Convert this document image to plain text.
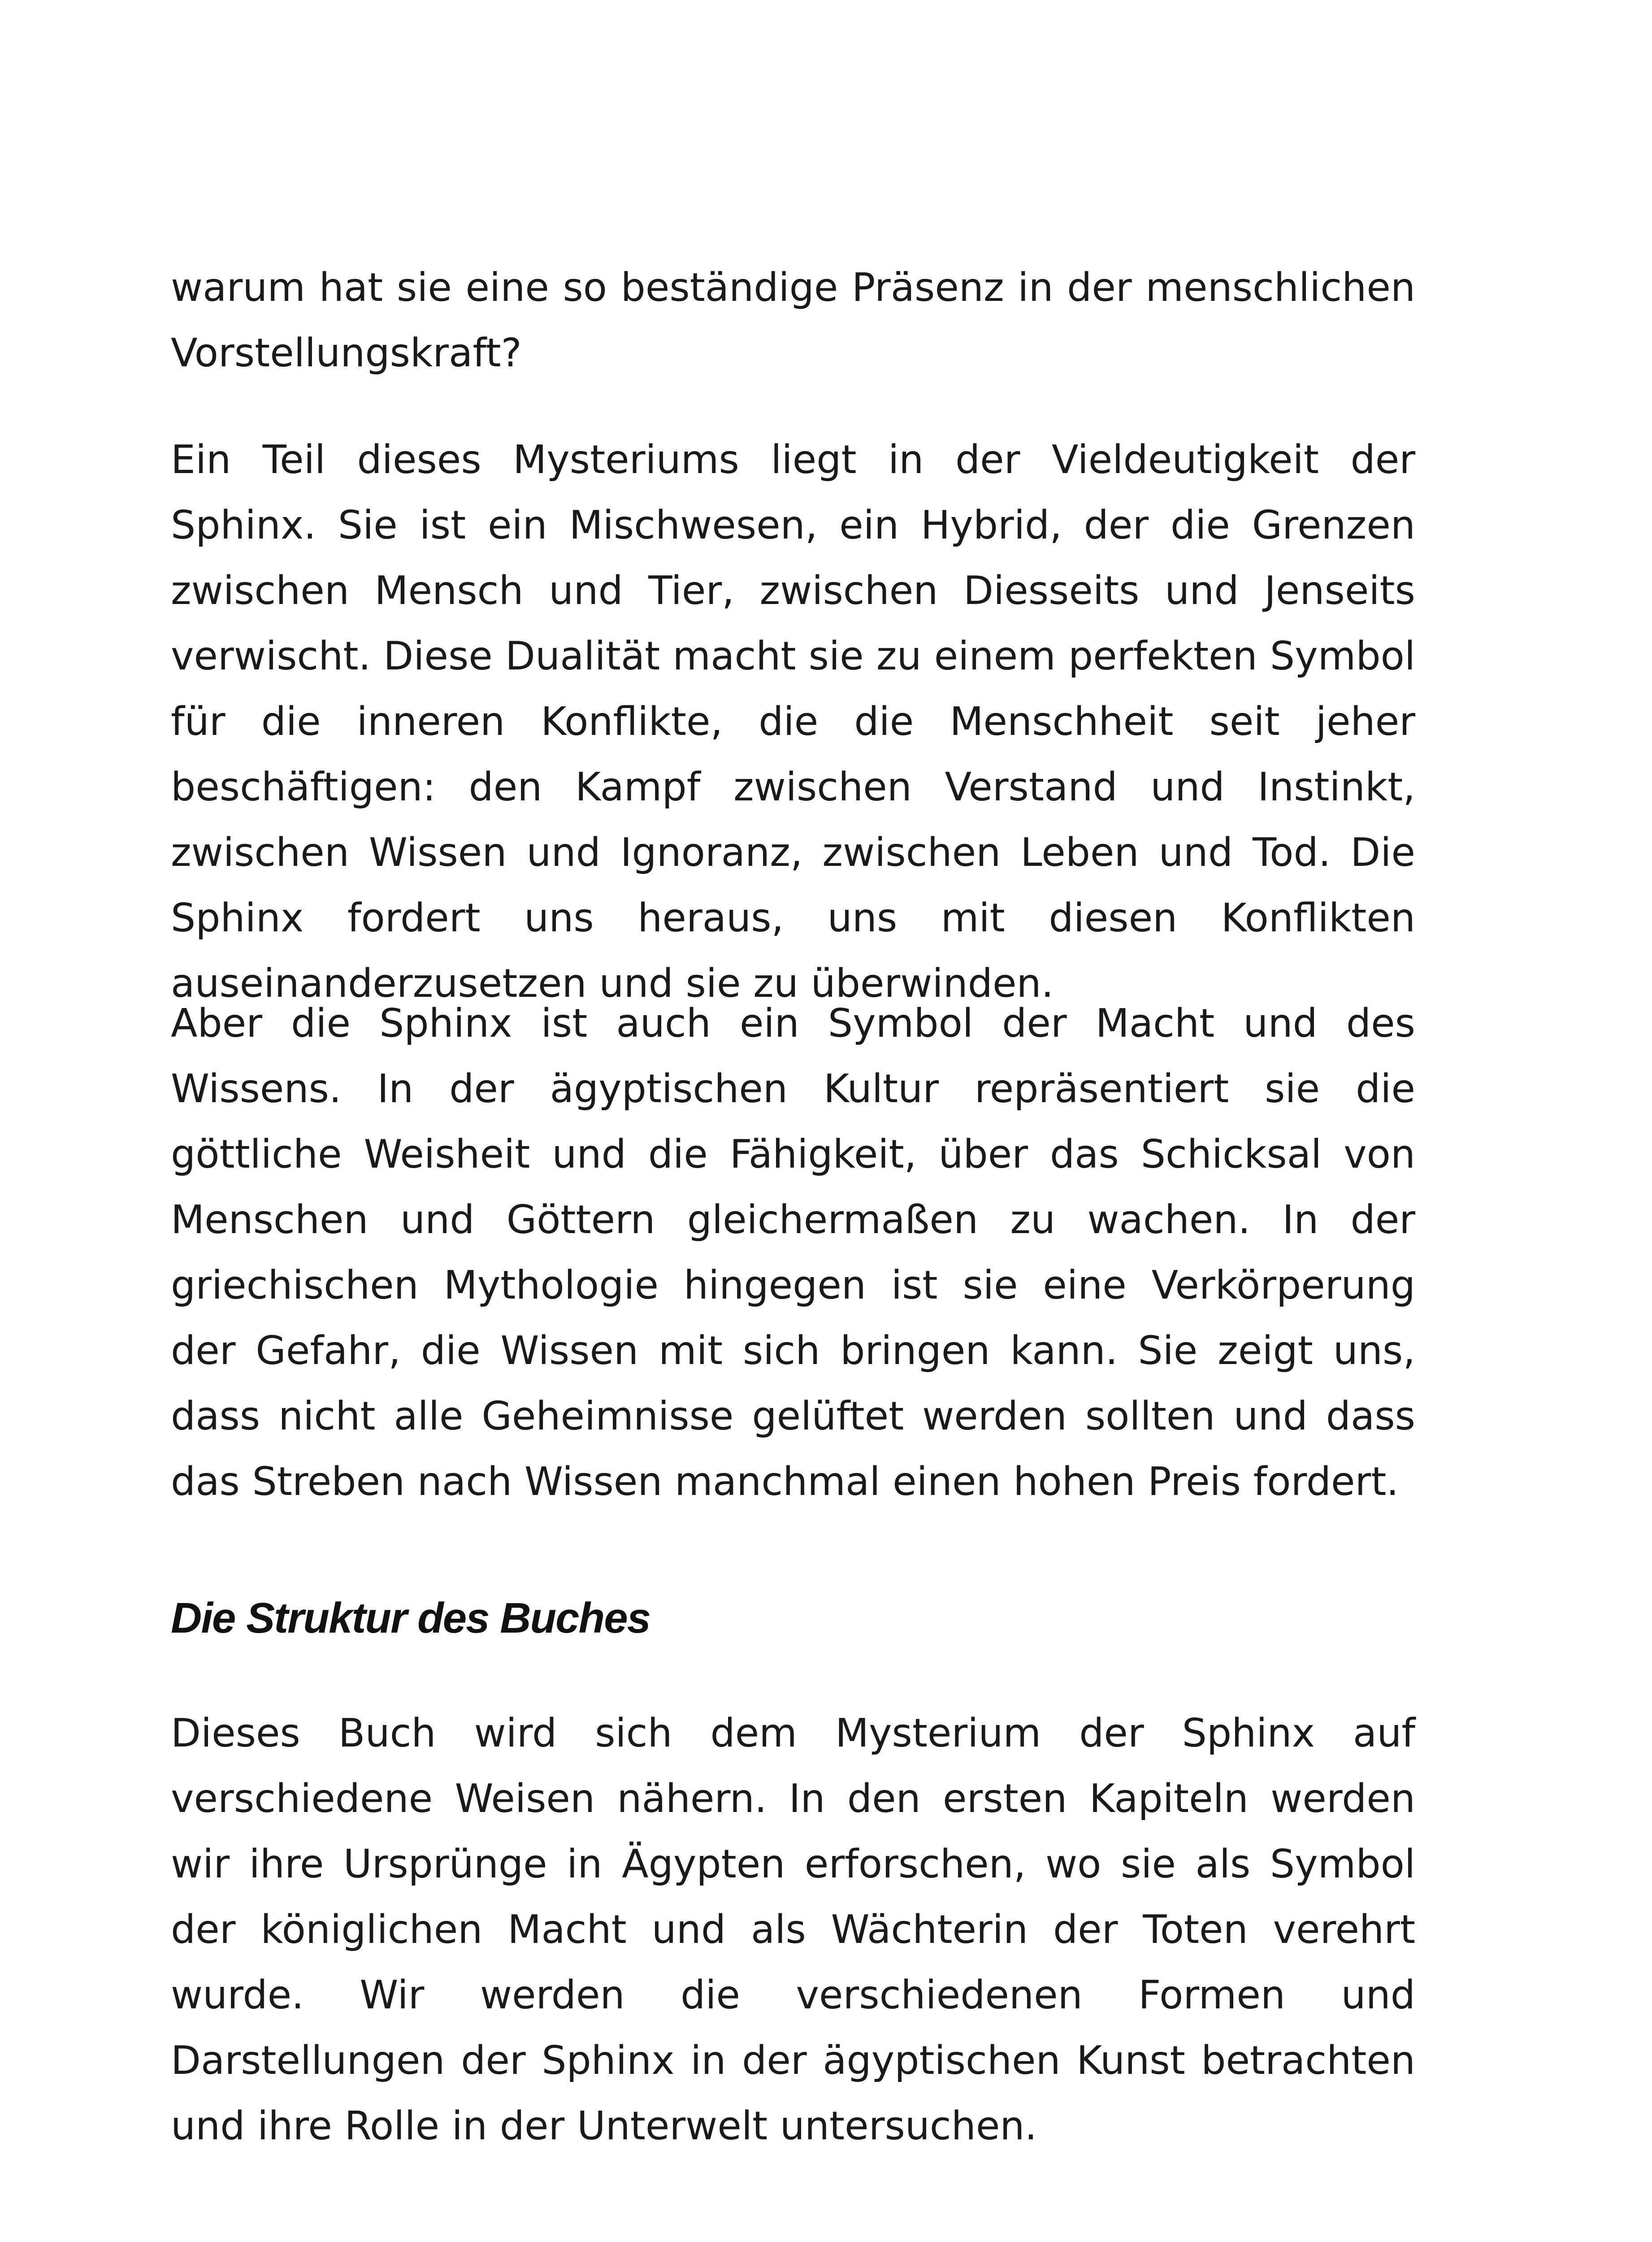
warum hat sie eine so beständige Präsenz in der menschlichen Vorstellungskraft?

Ein Teil dieses Mysteriums liegt in der Vieldeutigkeit der Sphinx. Sie ist ein Mischwesen, ein Hybrid, der die Grenzen zwischen Mensch und Tier, zwischen Diesseits und Jenseits verwischt. Diese Dualität macht sie zu einem perfekten Symbol für die inneren Konflikte, die die Menschheit seit jeher beschäftigen: den Kampf zwischen Verstand und Instinkt, zwischen Wissen und Ignoranz, zwischen Leben und Tod. Die Sphinx fordert uns heraus, uns mit diesen Konflikten auseinanderzusetzen und sie zu überwinden.

Aber die Sphinx ist auch ein Symbol der Macht und des Wissens. In der ägyptischen Kultur repräsentiert sie die göttliche Weisheit und die Fähigkeit, über das Schicksal von Menschen und Göttern gleichermaßen zu wachen. In der griechischen Mythologie hingegen ist sie eine Verkörperung der Gefahr, die Wissen mit sich bringen kann. Sie zeigt uns, dass nicht alle Geheimnisse gelüftet werden sollten und dass das Streben nach Wissen manchmal einen hohen Preis fordert.

Die Struktur des Buches

Dieses Buch wird sich dem Mysterium der Sphinx auf verschiedene Weisen nähern. In den ersten Kapiteln werden wir ihre Ursprünge in Ägypten erforschen, wo sie als Symbol der königlichen Macht und als Wächterin der Toten verehrt wurde. Wir werden die verschiedenen Formen und Darstellungen der Sphinx in der ägyptischen Kunst betrachten und ihre Rolle in der Unterwelt untersuchen.
